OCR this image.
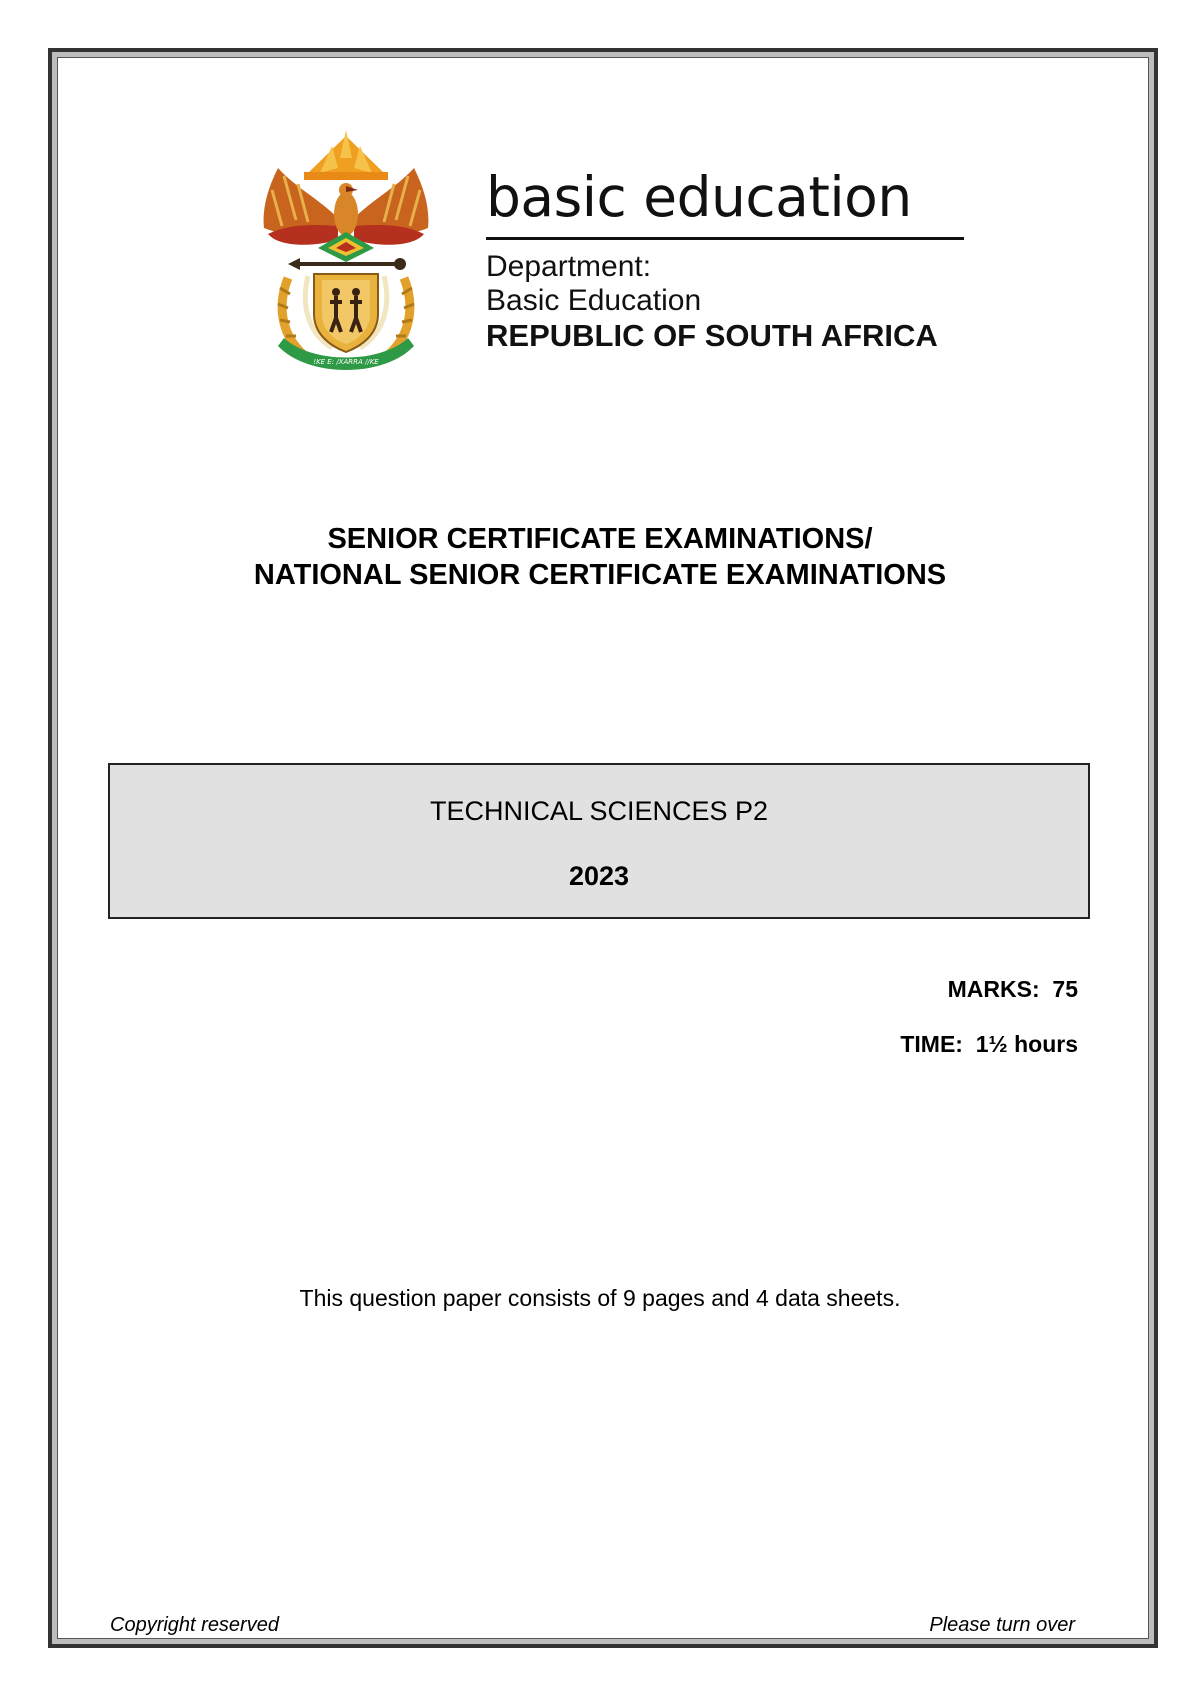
!KE E: /XARRA //KE
basic education
Department:
Basic Education
REPUBLIC OF SOUTH AFRICA
SENIOR CERTIFICATE EXAMINATIONS/
NATIONAL SENIOR CERTIFICATE EXAMINATIONS
TECHNICAL SCIENCES P2
2023
MARKS: 75
TIME: 1½ hours
This question paper consists of 9 pages and 4 data sheets.
Copyright reserved	Please turn over
